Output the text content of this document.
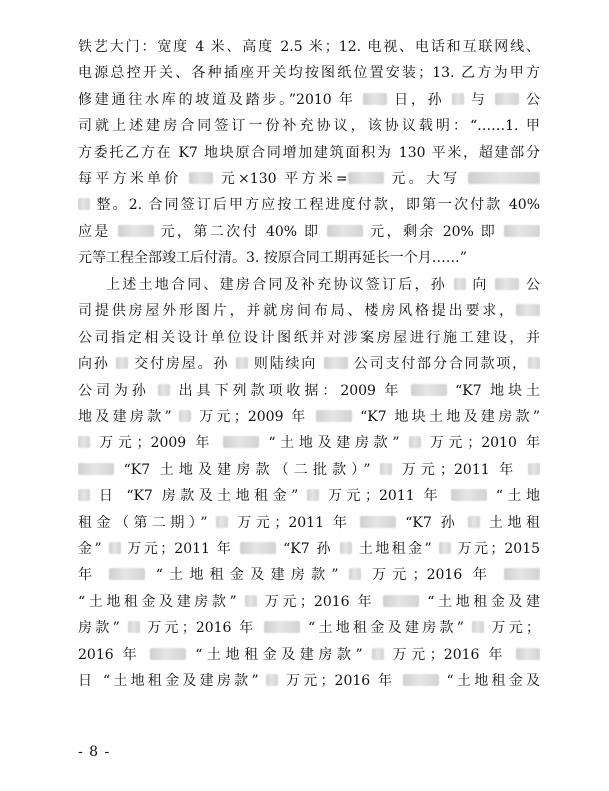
铁艺大门：宽度 4 米、高度 2.5 米；12. 电视、电话和互联网线、
电源总控开关、各种插座开关均按图纸位置安装；13. 乙方为甲方
修建通往水库的坡道及踏步。”2010 年  日，孙  与  公
司就上述建房合同签订一份补充协议，该协议载明：“……1. 甲
方委托乙方在 K7 地块原合同增加建筑面积为 130 平米，超建部分
每平方米单价  元×130 平方米=	元。大写
整。2. 合同签订后甲方应按工程进度付款，即第一次付款 40%
应是	元，第二次付 40% 即	元，剩余 20% 即
元等工程全部竣工后付清。3. 按原合同工期再延长一个月……”
上述土地合同、建房合同及补充协议签订后，孙  向  公
司提供房屋外形图片，并就房间布局、楼房风格提出要求，
公司指定相关设计单位设计图纸并对涉案房屋进行施工建设，并
向孙  交付房屋。孙  则陆续向  公司支付部分合同款项，
公司为孙  出具下列款项收据：2009 年	“K7 地块土
地及建房款”  万元；2009 年	“K7 地块土地及建房款”
万元；2009 年	“土地及建房款”  万元；2010 年
“K7 土地及建房款（二批款）”  万元；2011 年
日 “K7 房款及土地租金”  万元；2011 年	“土地
租金（第二期）”  万元；2011 年	“K7 孙  土地租
金”  万元；2011 年	“K7 孙  土地租金”  万元；2015
年	“土地租金及建房款”  万元；2016 年
“土地租金及建房款”  万元；2016 年	“土地租金及建
房款”  万元；2016 年	“土地租金及建房款”  万元；
2016 年	“土地租金及建房款”  万元；2016 年
日 “土地租金及建房款”  万元；2016 年	“土地租金及
- 8 -
